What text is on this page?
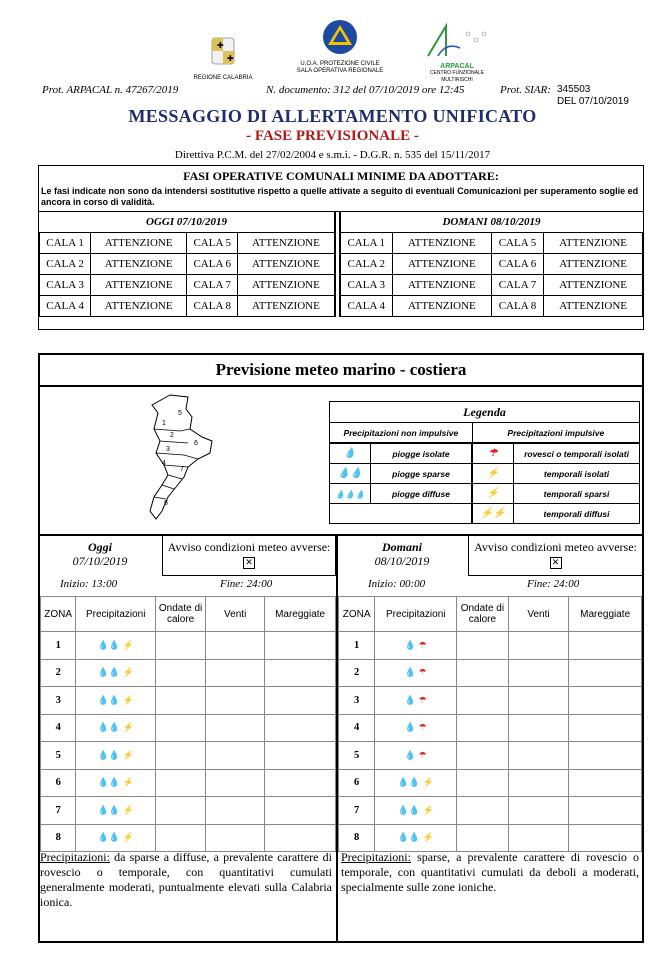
✚
✚
REGIONE CALABRIA
U.O.A. PROTEZIONE CIVILE
SALA OPERATIVA REGIONALE
ARPACAL
CENTRO FUNZIONALE MULTIRISCHI
Prot. ARPACAL n. 47267/2019	N. documento: 312 del 07/10/2019 ore 12:45	Prot. SIAR: 345503
DEL 07/10/2019
MESSAGGIO DI ALLERTAMENTO UNIFICATO
- FASE PREVISIONALE -
Direttiva P.C.M. del 27/02/2004 e s.m.i. - D.G.R. n. 535 del 15/11/2017
FASI OPERATIVE COMUNALI MINIME DA ADOTTARE:
Le fasi indicate non sono da intendersi sostitutive rispetto a quelle attivate a seguito di eventuali Comunicazioni per superamento soglie ed ancora in corso di validità.
OGGI 07/10/2019			
CALA 1	ATTENZIONE	CALA 5	ATTENZIONE
CALA 2	ATTENZIONE	CALA 6	ATTENZIONE
CALA 3	ATTENZIONE	CALA 7	ATTENZIONE
CALA 4	ATTENZIONE	CALA 8	ATTENZIONE
DOMANI 08/10/2019			
CALA 1	ATTENZIONE	CALA 5	ATTENZIONE
CALA 2	ATTENZIONE	CALA 6	ATTENZIONE
CALA 3	ATTENZIONE	CALA 7	ATTENZIONE
CALA 4	ATTENZIONE	CALA 8	ATTENZIONE
Previsione meteo marino - costiera
1
2
3
4
5
6
7
8
Legenda
Precipitazioni non impulsive	Precipitazioni impulsive
💧	piogge isolate
💧💧	piogge sparse
💧💧💧	piogge diffuse

☂	rovesci o temporali isolati
⚡	temporali isolati
⚡	temporali sparsi
⚡⚡	temporali diffusi
Oggi
07/10/2019
Avviso condizioni meteo avverse: ✕
Inizio: 13:00	Fine: 24:00
Domani
08/10/2019
Avviso condizioni meteo avverse: ✕
Inizio: 00:00	Fine: 24:00
ZONA	Precipitazioni	Ondate di calore	Venti	Mareggiate
1	💧💧 ⚡			
2	💧💧 ⚡			
3	💧💧 ⚡			
4	💧💧 ⚡			
5	💧💧 ⚡			
6	💧💧 ⚡			
7	💧💧 ⚡			
8	💧💧 ⚡			
ZONA	Precipitazioni	Ondate di calore	Venti	Mareggiate
1	💧 ☂			
2	💧 ☂			
3	💧 ☂			
4	💧 ☂			
5	💧 ☂			
6	💧💧 ⚡			
7	💧💧 ⚡			
8	💧💧 ⚡			
Precipitazioni: da sparse a diffuse, a prevalente carattere di rovescio o temporale, con quantitativi cumulati generalmente moderati, puntualmente elevati sulla Calabria ionica.
Precipitazioni: sparse, a prevalente carattere di rovescio o temporale, con quantitativi cumulati da deboli a moderati, specialmente sulle zone ioniche.
